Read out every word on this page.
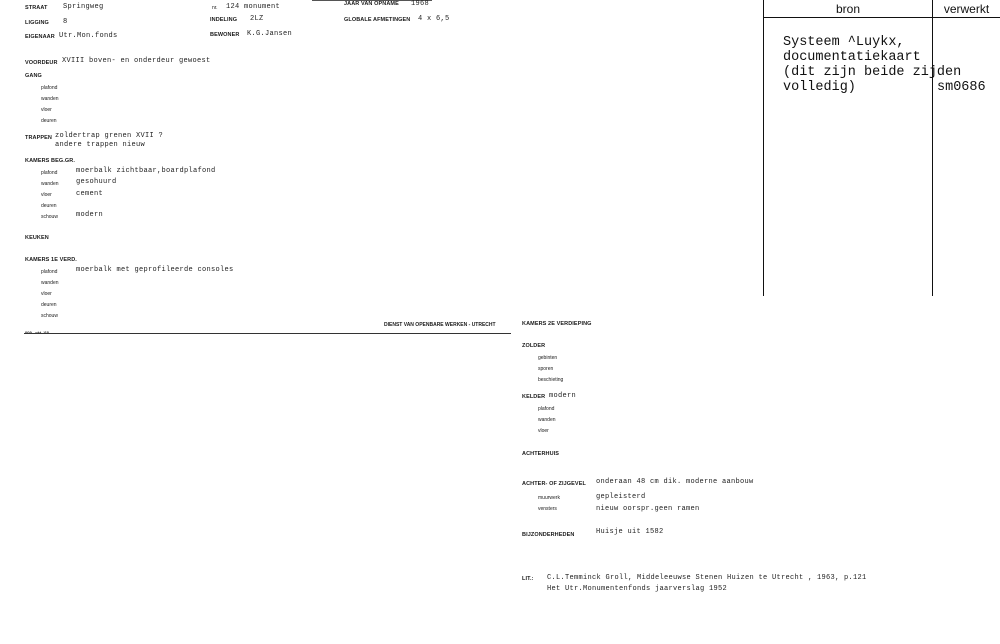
STRAAT Springweg	nr. 124 monument	JAAR VAN OPNAME 1968
LIGGING 8	INDELING 2LZ	GLOBALE AFMETINGEN 4 x 6,5
EIGENAAR Utr.Mon.fonds	BEWONER K.G.Jansen
VOORDEUR XVIII boven- en onderdeur gewoest
GANG
plafond
wanden
vloer
deuren
TRAPPEN zoldertrap grenen XVII ?
andere trappen nieuw
KAMERS BEG.GR.
plafond	moerbalk zichtbaar,boardplafond
wanden gesohuurd
vloer	cement
deuren
schouw	modern
KEUKEN
KAMERS 1E VERD.
plafond	moerbalk met geprofileerde consoles
wanden
vloer
deuren
schouw
DIENST VAN OPENBARE WERKEN - UTRECHT
bron	verwerkt
Systeem ^Luykx,
documentatiekaart
(dit zijn beide zijden
volledig)	sm0686
KAMERS 2E VERDIEPING
ZOLDER
gebinten
sporen
beschieting
KELDER modern
plafond
wanden
vloer
ACHTERHUIS
ACHTER- OF ZIJGEVEL onderaan 48 cm dik. moderne aanbouw
muurwerk	gepleisterd
vensters	nieuw oorspr.geen ramen
BIJZONDERHEDEN	Huisje uit 1582
LIT.: C.L.Temminck Groll, Middeleeuwse Stenen Huizen te Utrecht , 1963, p.121
Het Utr.Monumentenfonds jaarverslag 1952
